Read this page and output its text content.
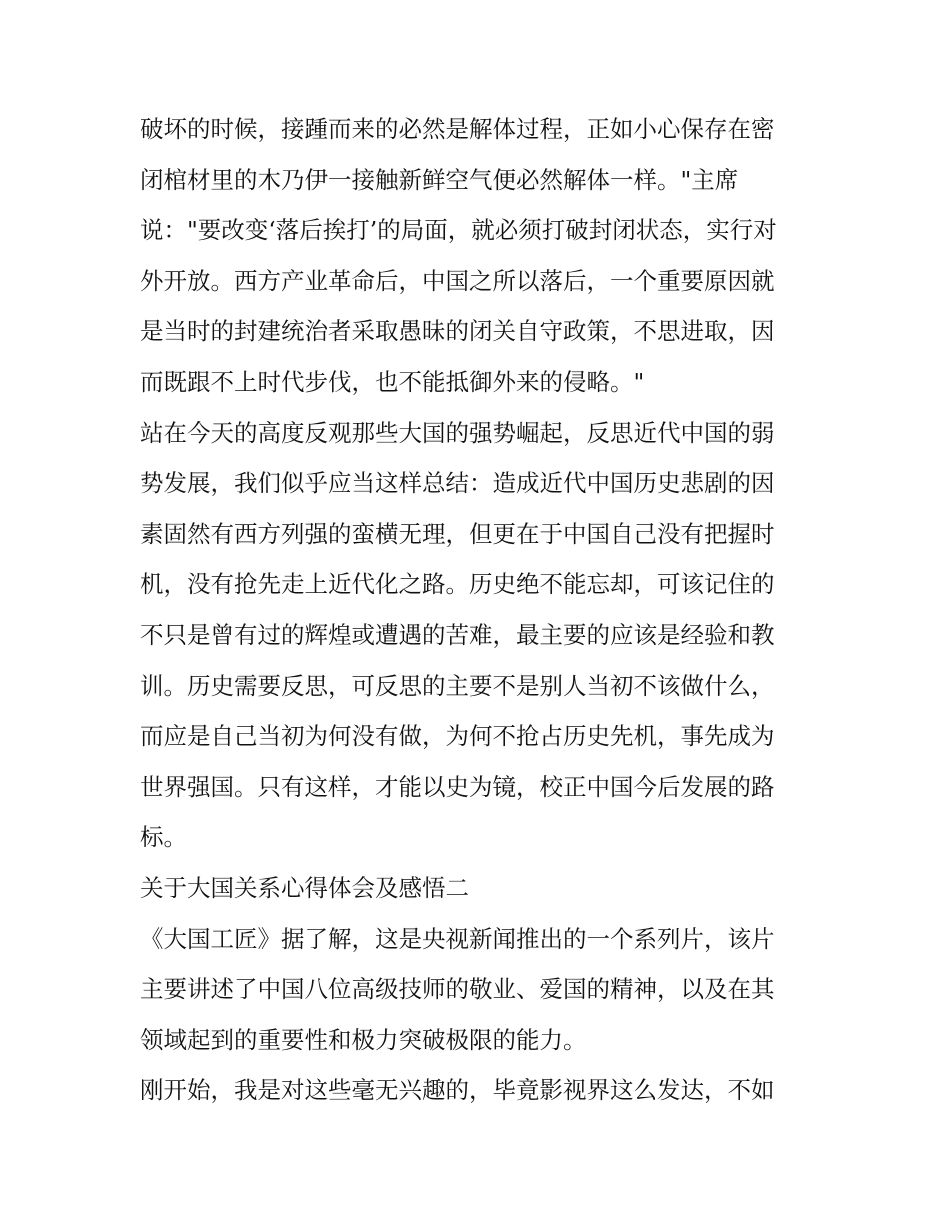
破坏的时候，接踵而来的必然是解体过程，正如小心保存在密
闭棺材里的木乃伊一接触新鲜空气便必然解体一样。"主席
说："要改变‘落后挨打’的局面，就必须打破封闭状态，实行对
外开放。西方产业革命后，中国之所以落后，一个重要原因就
是当时的封建统治者采取愚昧的闭关自守政策，不思进取，因
而既跟不上时代步伐，也不能抵御外来的侵略。"
站在今天的高度反观那些大国的强势崛起，反思近代中国的弱
势发展，我们似乎应当这样总结：造成近代中国历史悲剧的因
素固然有西方列强的蛮横无理，但更在于中国自己没有把握时
机，没有抢先走上近代化之路。历史绝不能忘却，可该记住的
不只是曾有过的辉煌或遭遇的苦难，最主要的应该是经验和教
训。历史需要反思，可反思的主要不是别人当初不该做什么，
而应是自己当初为何没有做，为何不抢占历史先机，事先成为
世界强国。只有这样，才能以史为镜，校正中国今后发展的路
标。
关于大国关系心得体会及感悟二
《大国工匠》据了解，这是央视新闻推出的一个系列片，该片
主要讲述了中国八位高级技师的敬业、爱国的精神，以及在其
领域起到的重要性和极力突破极限的能力。
刚开始，我是对这些毫无兴趣的，毕竟影视界这么发达，不如
